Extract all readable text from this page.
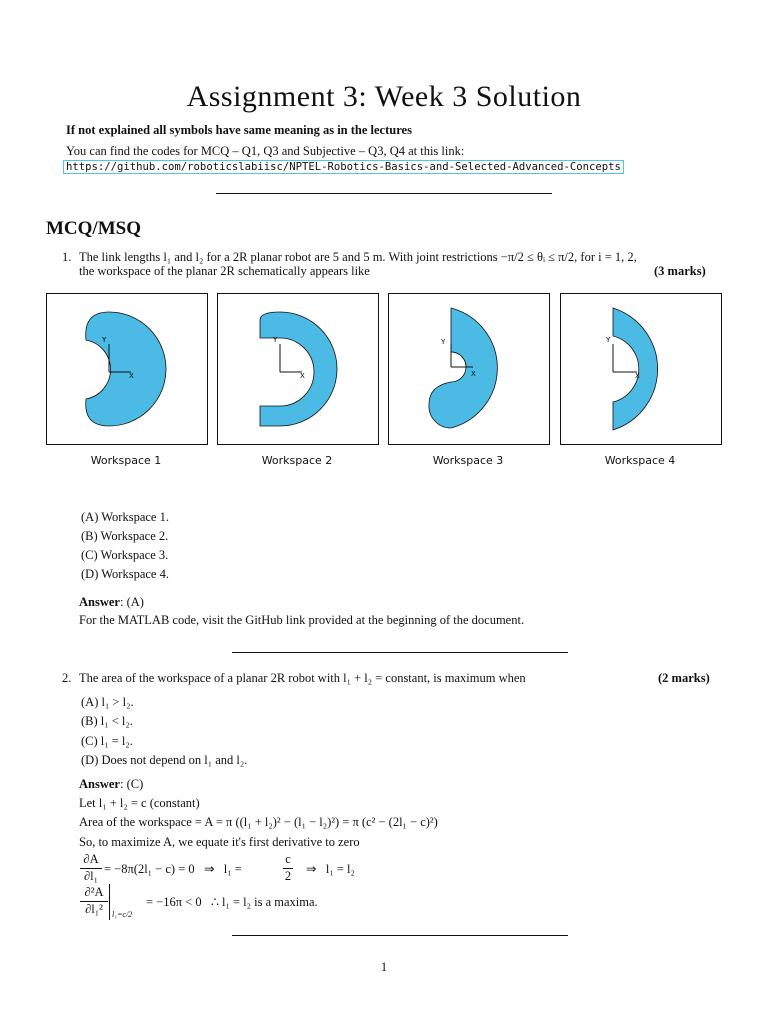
Assignment 3: Week 3 Solution
If not explained all symbols have same meaning as in the lectures
You can find the codes for MCQ – Q1, Q3 and Subjective – Q3, Q4 at this link:
https://github.com/roboticslabiisc/NPTEL-Robotics-Basics-and-Selected-Advanced-Concepts
MCQ/MSQ
1. The link lengths l₁ and l₂ for a 2R planar robot are 5 and 5 m. With joint restrictions −π/2 ≤ θᵢ ≤ π/2, for i = 1, 2,
the workspace of the planar 2R schematically appears like	(3 marks)
Y
X
Y
X
Y
X
Y
X
Workspace 1	Workspace 2	Workspace 3	Workspace 4
(A) Workspace 1.
(B) Workspace 2.
(C) Workspace 3.
(D) Workspace 4.
Answer: (A)
For the MATLAB code, visit the GitHub link provided at the beginning of the document.
2. The area of the workspace of a planar 2R robot with l₁ + l₂ = constant, is maximum when	(2 marks)
(A) l₁ > l₂.
(B) l₁ < l₂.
(C) l₁ = l₂.
(D) Does not depend on l₁ and l₂.
Answer: (C)
Let l₁ + l₂ = c (constant)
Area of the workspace = A = π ((l₁ + l₂)² − (l₁ − l₂)²) = π (c² − (2l₁ − c)²)
So, to maximize A, we equate it's first derivative to zero
∂A
∂l₁ = −8π(2l₁ − c) = 0   ⇒   l₁ =
c
2 ⇒   l₁ = l₂
∂²A
∂l₁²	l₁=c/2
= −16π < 0   ∴ l₁ = l₂ is a maxima.
1
